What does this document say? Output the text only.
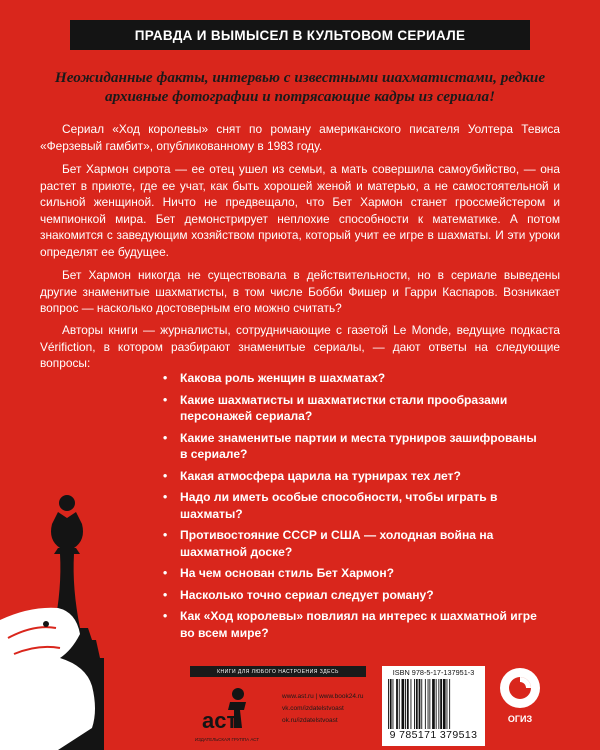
ПРАВДА И ВЫМЫСЕЛ В КУЛЬТОВОМ СЕРИАЛЕ
Неожиданные факты, интервью с известными шахматистами, редкие архивные фотографии и потрясающие кадры из сериала!

Сериал «Ход королевы» снят по роману американского писателя Уолтера Тевиса «Ферзевый гамбит», опубликованному в 1983 году.

Бет Хармон сирота — ее отец ушел из семьи, а мать совершила самоубийство, — она растет в приюте, где ее учат, как быть хорошей женой и матерью, а не самостоятельной и сильной женщиной. Ничто не предвещало, что Бет Хармон станет гроссмейстером и чемпионкой мира. Бет демонстрирует неплохие способности к математике. А потом знакомится с заведующим хозяйством приюта, который учит ее игре в шахматы. И эти уроки определят ее будущее.

Бет Хармон никогда не существовала в действительности, но в сериале выведены другие знаменитые шахматисты, в том числе Бобби Фишер и Гарри Каспаров. Возникает вопрос — насколько достоверным его можно считать?

Авторы книги — журналисты, сотрудничающие с газетой Le Monde, ведущие подкаста Vérifiction, в котором разбирают знаменитые сериалы, — дают ответы на следующие вопросы:

• Какова роль женщин в шахматах?
• Какие шахматисты и шахматистки стали прообразами персонажей сериала?
• Какие знаменитые партии и места турниров зашифрованы в сериале?
• Какая атмосфера царила на турнирах тех лет?
• Надо ли иметь особые способности, чтобы играть в шахматы?
• Противостояние СССР и США — холодная война на шахматной доске?
• На чем основан стиль Бет Хармон?
• Насколько точно сериал следует роману?
• Как «Ход королевы» повлиял на интерес к шахматной игре во всем мире?
КНИГИ ДЛЯ ЛЮБОГО НАСТРОЕНИЯ ЗДЕСЬ
аст
ИЗДАТЕЛЬСКАЯ ГРУППА АСТ
www.ast.ru | www.book24.ru
vk.com/izdatelstvoast
ok.ru/izdatelstvoast
ISBN 978-5-17-137951-3
9 785171 379513
ОГИЗ
